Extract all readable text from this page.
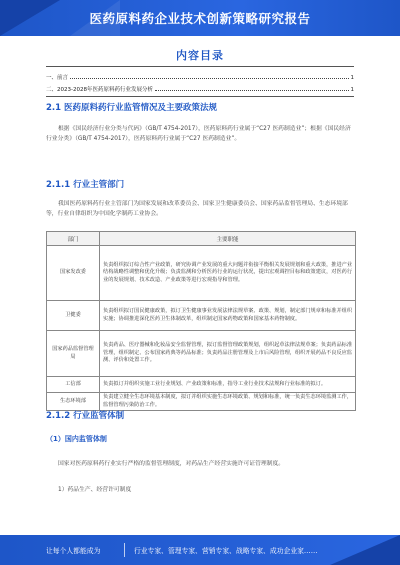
医药原料药企业技术创新策略研究报告
内容目录
一、前言	1
二、2023-2028年医药原料药行业发展分析	1
2.1 医药原料药行业监管情况及主要政策法规
根据《国民经济行业分类与代码》（GB/T 4754-2017），医药原料药行业属于“C27 医药制造业”；根据《国民经济行业分类》（GB/T 4754-2017），医药原料药行业属于“C27 医药制造业”。
2.1.1 行业主管部门
我国医药原料药行业主管部门为国家发展和改革委员会、国家卫生健康委员会、国家药品监督管理局、生态环境部等，行业自律组织为中国化学制药工业协会。
部门	主要职能
国家发改委	负责组织拟订综合性产业政策，研究协调产业发展的重大问题并衔接平衡相关发展规划和重大政策，推进产业结构战略性调整和优化升级；负责监测和分析医药行业的运行状况，提出宏观调控目标和政策建议，对医药行业的发展规划、技术改造、产业政策等进行宏观指导和管理。
卫健委	负责组织拟订国民健康政策，拟订卫生健康事业发展法律法规草案、政策、规划，制定部门规章和标准并组织实施；协调推进深化医药卫生体制改革，组织制定国家药物政策和国家基本药物制度。
国家药品监督管理局	负责药品、医疗器械和化妆品安全监督管理，拟订监督管理政策规划，组织起草法律法规草案；负责药品标准管理，组织制定、公布国家药典等药品标准；负责药品注册管理及上市后风险管理，组织开展药品不良反应监测、评价和处置工作。
工信部	负责拟订并组织实施工业行业规划、产业政策和标准，指导工业行业技术法规和行业标准的拟订。
生态环境部	负责建立健全生态环境基本制度，拟订并组织实施生态环境政策、规划和标准，统一负责生态环境监测工作，监督管理污染防治工作。
2.1.2 行业监管体制
（1）国内监管体制
国家对医药原料药行业实行严格的监督管理制度，对药品生产经营实施许可证管理制度。
1）药品生产、经营许可制度
让每个人都能成为	行业专家、管理专家、营销专家、战略专家、成功企业家……
